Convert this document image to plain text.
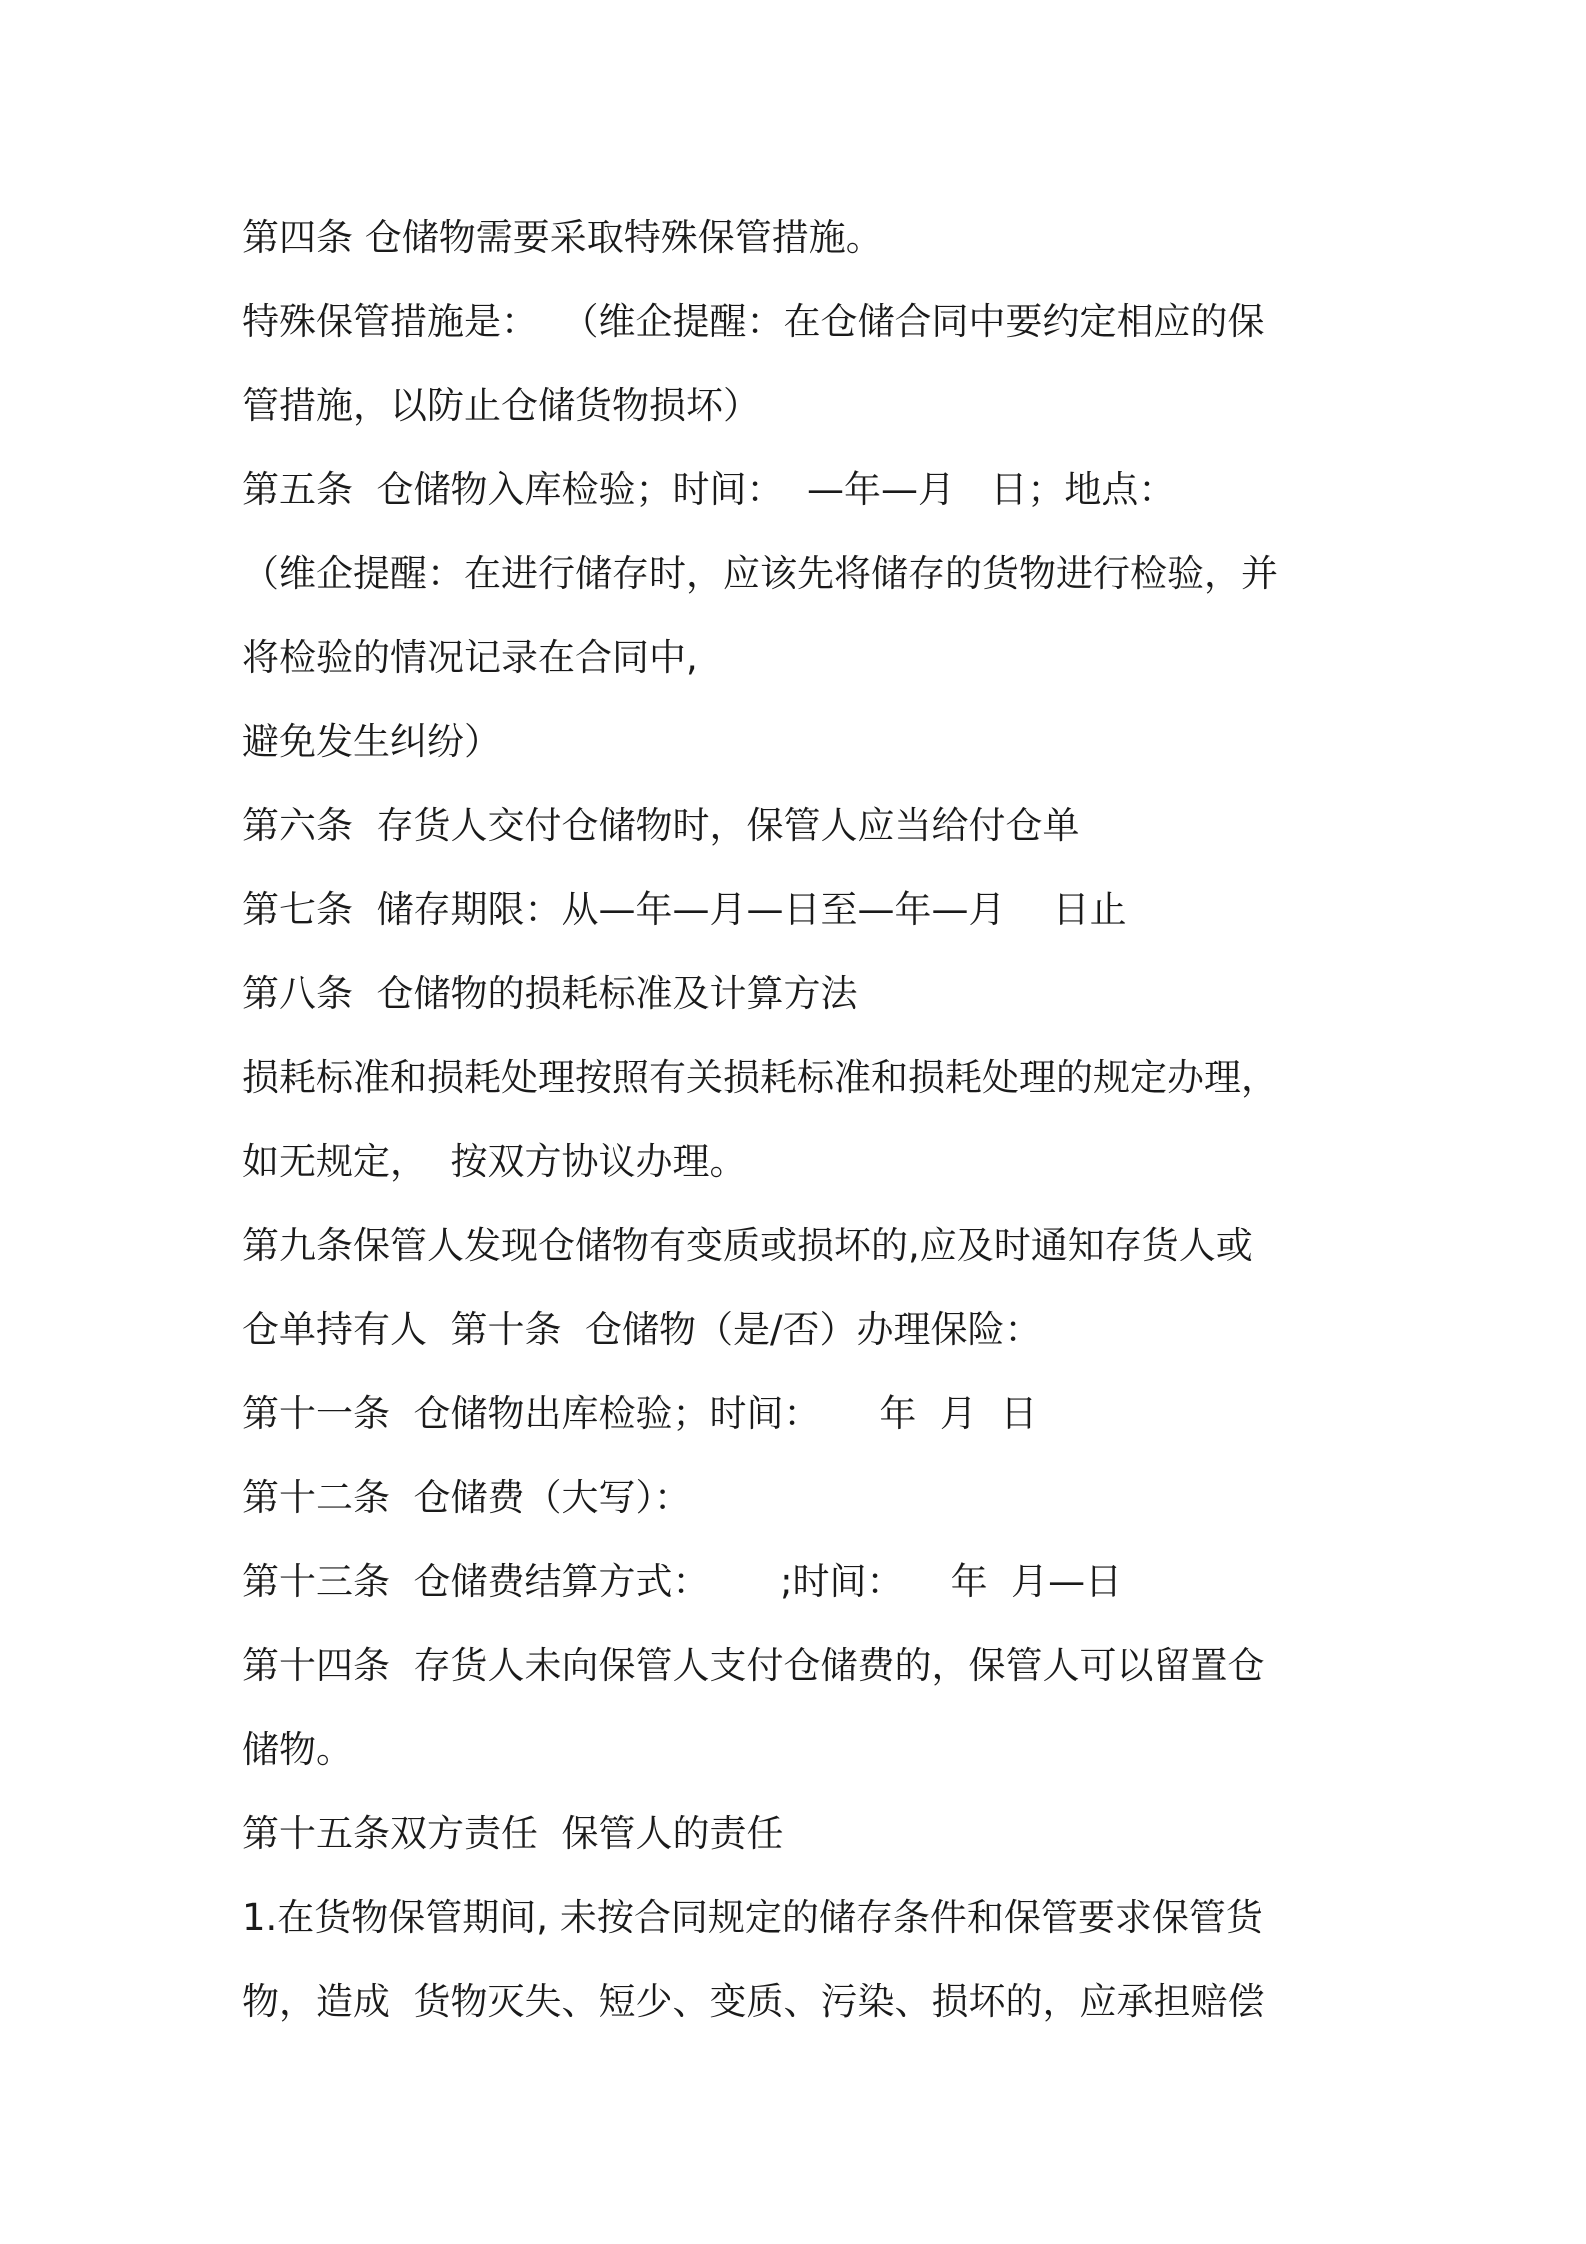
第四条 仓储物需要采取特殊保管措施。
特殊保管措施是：  （维企提醒：在仓储合同中要约定相应的保
管措施，以防止仓储货物损坏）
第五条  仓储物入库检验；时间：  —年—月   日；地点：
（维企提醒：在进行储存时，应该先将储存的货物进行检验，并
将检验的情况记录在合同中,
避免发生纠纷）
第六条  存货人交付仓储物时，保管人应当给付仓单
第七条  储存期限：从—年—月—日至—年—月    日止
第八条  仓储物的损耗标准及计算方法
损耗标准和损耗处理按照有关损耗标准和损耗处理的规定办理，
如无规定，  按双方协议办理。
第九条保管人发现仓储物有变质或损坏的,应及时通知存货人或
仓单持有人  第十条  仓储物（是/否）办理保险：
第十一条  仓储物出库检验；时间：     年  月  日
第十二条  仓储费（大写）：
第十三条  仓储费结算方式：      ;时间：    年  月—日
第十四条  存货人未向保管人支付仓储费的，保管人可以留置仓
储物。
第十五条双方责任  保管人的责任
1.在货物保管期间, 未按合同规定的储存条件和保管要求保管货
物，造成  货物灭失、短少、变质、污染、损坏的，应承担赔偿
